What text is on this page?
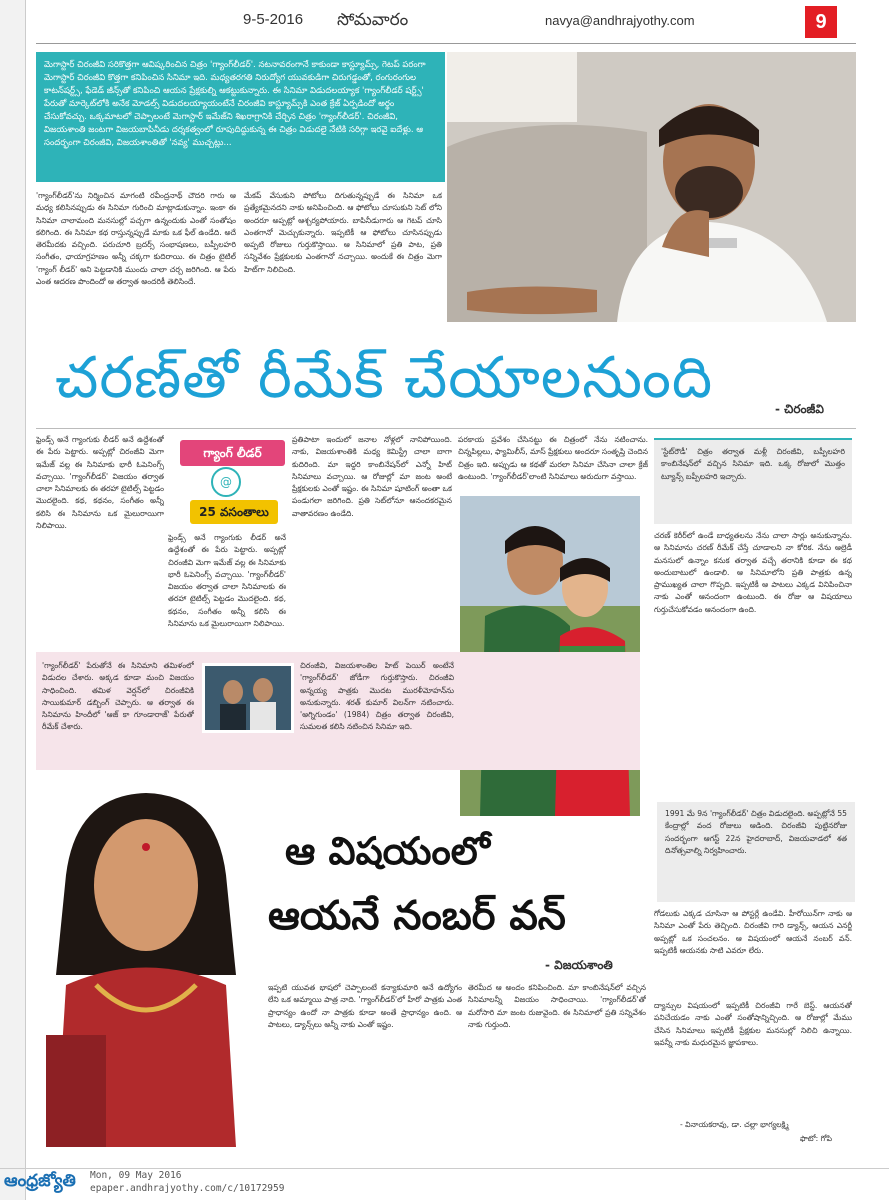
9-5-2016 సోమవారం	navya@andhrajyothy.com	9
మెగాస్టార్ చిరంజీవి సరికొత్తగా ఆవిష్కరించిన చిత్రం 'గ్యాంగ్‌లీడర్'. నటనావరంగానే కాకుండా కాస్ట్యూమ్స్, గెటప్ పరంగా మెగాస్టార్ చిరంజీవి కొత్తగా కనిపించిన సినిమా ఇది. మధ్యతరగతి నిరుద్యోగ యువకుడిగా చిరుగడ్డంతో, రంగురంగుల కాటన్‌షర్ట్స్, ఫేడెడ్ జీన్స్‌తో కనిపించి ఆయన ప్రేక్షకుల్ని ఆకట్టుకున్నారు. ఈ సినిమా విడుదలయ్యాక 'గ్యాంగ్‌లీడర్ షర్ట్స్' పేరుతో మార్కెట్‌లోకి అనేక మోడల్స్ విడుదలయ్యాయంటేనే చిరంజీవి కాస్ట్యూమ్స్‌కి ఎంత క్రేజ్ ఏర్పడిందో అర్థం చేసుకోవచ్చు. ఒక్కమాటలో చెప్పాలంటే మెగాస్టార్ ఇమేజ్‌ని శిఖరాగ్రానికి చేర్చిన చిత్రం 'గ్యాంగ్‌లీడర్'. చిరంజీవి, విజయశాంతి జంటగా విజయబాపినీడు దర్శకత్వంలో రూపుదిద్దుకున్న ఈ చిత్రం విడుదలై నేటికి సరిగ్గా ఇరవై ఐదేళ్లు. ఆ సందర్భంగా చిరంజీవి, విజయశాంతితో 'నవ్య' ముచ్చట్లు...
'గ్యాంగ్‌లీడర్'ను నిర్మించిన మాగంటి రవీంద్రనాథ్ చౌదరి గారు ఆ మధ్య కలిసినప్పుడు ఈ సినిమా గురించి మాట్లాడుకున్నాం. ఇంకా ఈ సినిమా చాలామంది మనసుల్లో పచ్చగా ఉన్నందుకు ఎంతో సంతోషం కలిగింది. ఈ సినిమా కథ రాస్తున్నప్పుడే మాకు ఒక ఫీల్ ఉండేది. అదే తెరమీదకు వచ్చింది. పరుచూరి బ్రదర్స్ సంభాషణలు, బప్పీలహరి సంగీతం, ఛాయాగ్రహణం అన్నీ చక్కగా కుదిరాయి. ఈ చిత్రం టైటిల్ 'గ్యాంగ్ లీడర్' అని పెట్టడానికి ముందు చాలా చర్చ జరిగింది. ఆ పేరు ఎంత ఆదరణ పొందిందో ఆ తర్వాత అందరికీ తెలిసిందే.
మేకప్ వేసుకుని పోటోలు దిగుతున్నప్పుడే ఈ సినిమా ఒక ప్రత్యేకమైనదని నాకు అనిపించింది. ఆ ఫోటోలు చూసుకుని సెట్ లోని అందరూ అప్పట్లో ఆశ్చర్యపోయారు. బాపినీడుగారు ఆ గెటప్ చూసి ఎంతగానో మెచ్చుకున్నారు. ఇప్పటికీ ఆ ఫోటోలు చూసినప్పుడు అప్పటి రోజులు గుర్తుకొస్తాయి. ఆ సినిమాలో ప్రతి పాట, ప్రతి సన్నివేశం ప్రేక్షకులకు ఎంతగానో నచ్చాయి. అందుకే ఈ చిత్రం మెగా హిట్‌గా నిలిచింది.
చరణ్‌తో రీమేక్ చేయాలనుంది	- చిరంజీవి
గ్యాంగ్ లీడర్
@
25 వసంతాలు
ఫ్రెండ్స్ అనే గ్యాంగుకు లీడర్ అనే ఉద్దేశంతో ఈ పేరు పెట్టారు. అప్పట్లో చిరంజీవి మెగా ఇమేజ్ వల్ల ఈ సినిమాకు భారీ ఓపెనింగ్స్ వచ్చాయి. 'గ్యాంగ్‌లీడర్' విజయం తర్వాత చాలా సినిమాలకు ఈ తరహా టైటిల్స్ పెట్టడం మొదలైంది. కథ, కథనం, సంగీతం అన్నీ కలిసి ఈ సినిమాను ఒక మైలురాయిగా నిలిపాయి.
ఫ్రెండ్స్ అనే గ్యాంగుకు లీడర్ అనే ఉద్దేశంతో ఈ పేరు పెట్టారు. అప్పట్లో చిరంజీవి మెగా ఇమేజ్ వల్ల ఈ సినిమాకు భారీ ఓపెనింగ్స్ వచ్చాయి. 'గ్యాంగ్‌లీడర్' విజయం తర్వాత చాలా సినిమాలకు ఈ తరహా టైటిల్స్ పెట్టడం మొదలైంది. కథ, కథనం, సంగీతం అన్నీ కలిసి ఈ సినిమాను ఒక మైలురాయిగా నిలిపాయి.
ప్రతిపాటా ఇందులో జనాల నోళ్లలో నానిపోయింది. నాకు, విజయశాంతికి మధ్య కెమిస్ట్రీ చాలా బాగా కుదిరింది. మా ఇద్దరి కాంబినేషన్‌లో ఎన్నో హిట్ సినిమాలు వచ్చాయి. ఆ రోజుల్లో మా జంట అంటే ప్రేక్షకులకు ఎంతో ఇష్టం. ఈ సినిమా షూటింగ్ అంతా ఒక పండుగలా జరిగింది. ప్రతి సెట్‌లోనూ ఆనందకరమైన వాతావరణం ఉండేది.
పరకాయ ప్రవేశం చేసినట్టు ఈ చిత్రంలో నేను నటించాను. చిన్నపిల్లలు, ఫ్యామిలీస్, మాస్ ప్రేక్షకులు అందరూ సంతృప్తి చెందిన చిత్రం ఇది. అప్పుడు ఆ కథతో మరలా సినిమా చేసినా చాలా క్రేజ్ ఉంటుంది. 'గ్యాంగ్‌లీడర్'లాంటి సినిమాలు అరుదుగా వస్తాయి.
'స్టేట్‌రౌడీ' చిత్రం తర్వాత మళ్లీ చిరంజీవి, బప్పీలహరి కాంబినేషన్‌లో వచ్చిన సినిమా ఇది. ఒక్క రోజులో మొత్తం ట్యూన్స్ బప్పీలహరి ఇచ్చారు.
చరణ్ కెరీర్‌లో ఉండే బాధ్యతలను నేను చాలా సార్లు అనుకున్నాను. ఆ సినిమాను చరణ్ రీమేక్ చేస్తే చూడాలని నా కోరిక. నేను ఆల్రెడీ మనసులో ఉన్నాం కనుక తర్వాత వచ్చే తరానికి కూడా ఈ కథ అందుబాటులో ఉండాలి. ఆ సినిమాలోని ప్రతి పాత్రకు ఉన్న ప్రాముఖ్యత చాలా గొప్పది. ఇప్పటికీ ఆ పాటలు ఎక్కడ వినిపించినా నాకు ఎంతో ఆనందంగా ఉంటుంది. ఈ రోజు ఆ విషయాలు గుర్తుచేసుకోవడం ఆనందంగా ఉంది.
'గ్యాంగ్‌లీడర్' పేరుతోనే ఈ సినిమాని తమిళంలో విడుదల చేశారు. అక్కడ కూడా మంచి విజయం సాధించింది. తమిళ వెర్షన్‌లో చిరంజీవికి సాయికుమార్ డబ్బింగ్ చెప్పారు. ఆ తర్వాత ఈ సినిమాను హిందీలో 'ఆజ్ కా గూండారాజ్' పేరుతో రీమేక్ చేశారు.
చిరంజీవి, విజయశాంతిల హిట్ పెయిర్ అంటేనే 'గ్యాంగ్‌లీడర్' జోడీగా గుర్తుకొస్తారు. చిరంజీవి అన్నయ్య పాత్రకు మొదట మురళీమోహన్‌ను అనుకున్నారు. శరత్ కుమార్ విలన్‌గా నటించారు. 'అగ్నిగుండం' (1984) చిత్రం తర్వాత చిరంజీవి, సుమలత కలిసి నటించిన సినిమా ఇది.
1991 మే 9న 'గ్యాంగ్‌లీడర్' చిత్రం విడుదలైంది. అప్పట్లోనే 55 కేంద్రాల్లో వంద రోజులు ఆడింది. చిరంజీవి పుట్టినరోజు సందర్భంగా ఆగస్ట్ 22న హైదరాబాద్, విజయవాడలో శత దినోత్సవాల్ని నిర్వహించారు.
ఆ విషయంలో
ఆయనే నంబర్ వన్
- విజయశాంతి
ఇప్పటి యువత భాషలో చెప్పాలంటే కన్యాకుమారి అనే ఉద్యోగం లేని ఒక అమ్మాయి పాత్ర నాది. 'గ్యాంగ్‌లీడర్'లో హీరో పాత్రకు ఎంత ప్రాధాన్యం ఉందో నా పాత్రకు కూడా అంతే ప్రాధాన్యం ఉంది. ఆ పాటలు, డ్యాన్స్‌లు అన్నీ నాకు ఎంతో ఇష్టం.
తెరమీద ఆ అందం కనిపించింది. మా కాంబినేషన్‌లో వచ్చిన సినిమాలన్నీ విజయం సాధించాయి. 'గ్యాంగ్‌లీడర్'తో మరోసారి మా జంట రుజువైంది. ఈ సినిమాలో ప్రతి సన్నివేశం నాకు గుర్తుంది.
గోడలుకు ఎక్కడ చూసినా ఆ పోస్టర్లే ఉండేవి. హీరోయిన్‌గా నాకు ఆ సినిమా ఎంతో పేరు తెచ్చింది. చిరంజీవి గారి డ్యాన్స్, ఆయన ఎనర్జీ అప్పట్లో ఒక సంచలనం. ఆ విషయంలో ఆయనే నంబర్ వన్. ఇప్పటికీ ఆయనకు సాటి ఎవరూ లేరు.
ద్యాన్సుల విషయంలో ఇప్పటికీ చిరంజీవి గారే బెస్ట్. ఆయనతో పనిచేయడం నాకు ఎంతో సంతోషాన్నిచ్చింది. ఆ రోజుల్లో మేము చేసిన సినిమాలు ఇప్పటికీ ప్రేక్షకుల మనసుల్లో నిలిచి ఉన్నాయి. ఇవన్నీ నాకు మధురమైన జ్ఞాపకాలు.
- వినాయకరావు, డా. చల్లా భాగ్యలక్ష్మి
ఫొటో: గోపి
ఆంధ్రజ్యోతి Mon, 09 May 2016
epaper.andhrajyothy.com/c/10172959
